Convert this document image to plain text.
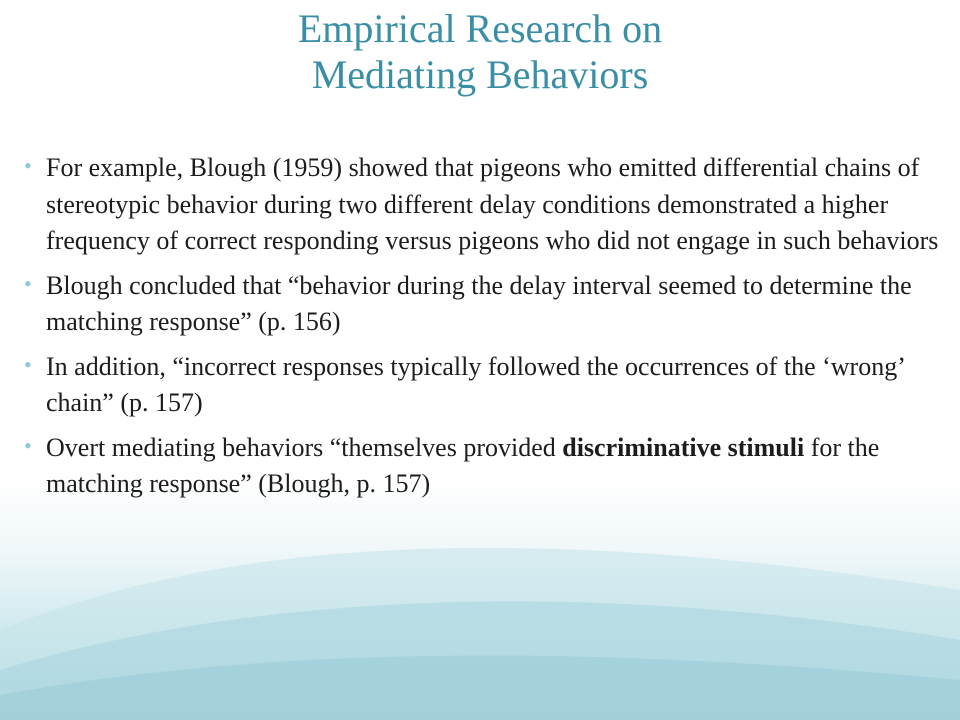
Empirical Research on
Mediating Behaviors
• For example, Blough (1959) showed that pigeons who emitted differential chains of stereotypic behavior during two different delay conditions demonstrated a higher frequency of correct responding versus pigeons who did not engage in such behaviors
• Blough concluded that “behavior during the delay interval seemed to determine the matching response” (p. 156)
• In addition, “incorrect responses typically followed the occurrences of the ‘wrong’ chain” (p. 157)
• Overt mediating behaviors “themselves provided discriminative stimuli for the matching response” (Blough, p. 157)
